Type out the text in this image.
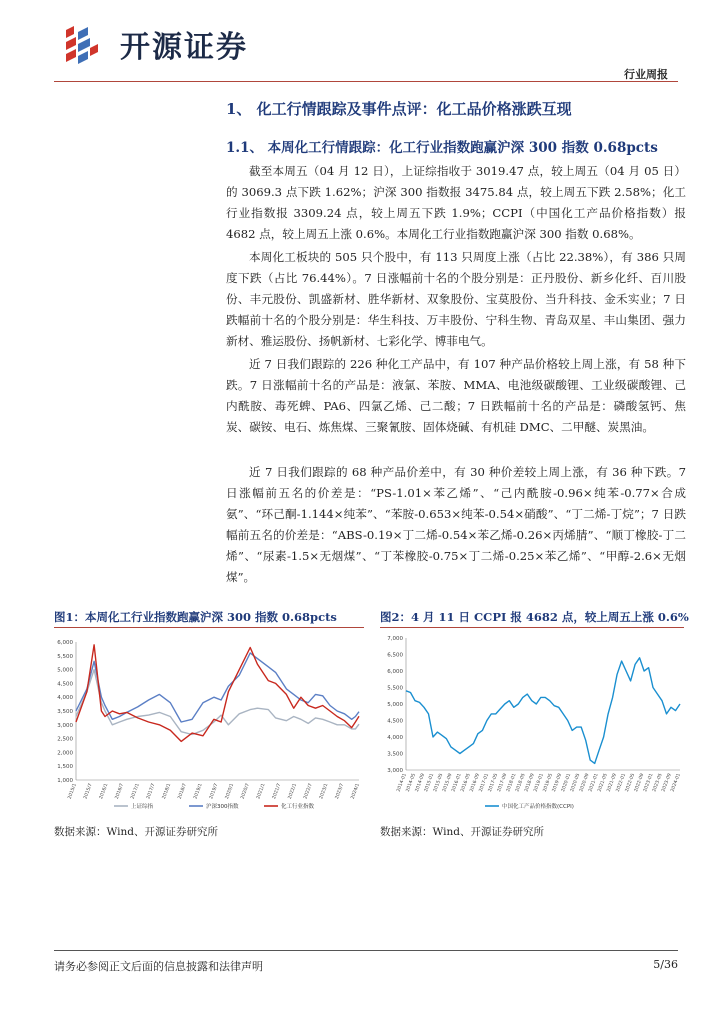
开源证券
行业周报
1、 化工行情跟踪及事件点评：化工品价格涨跌互现
1.1、 本周化工行情跟踪：化工行业指数跑赢沪深 300 指数 0.68pcts

截至本周五（04 月 12 日），上证综指收于 3019.47 点，较上周五（04 月 05 日）的 3069.3 点下跌 1.62%；沪深 300 指数报 3475.84 点，较上周五下跌 2.58%；化工行业指数报 3309.24 点，较上周五下跌 1.9%；CCPI（中国化工产品价格指数）报 4682 点，较上周五上涨 0.6%。本周化工行业指数跑赢沪深 300 指数 0.68%。

本周化工板块的 505 只个股中，有 113 只周度上涨（占比 22.38%），有 386 只周度下跌（占比 76.44%）。7 日涨幅前十名的个股分别是：正丹股份、新乡化纤、百川股份、丰元股份、凯盛新材、胜华新材、双象股份、宝莫股份、当升科技、金禾实业；7 日跌幅前十名的个股分别是：华生科技、万丰股份、宁科生物、青岛双星、丰山集团、强力新材、雅运股份、扬帆新材、七彩化学、博菲电气。

近 7 日我们跟踪的 226 种化工产品中，有 107 种产品价格较上周上涨，有 58 种下跌。7 日涨幅前十名的产品是：液氯、苯胺、MMA、电池级碳酸锂、工业级碳酸锂、己内酰胺、毒死蜱、PA6、四氯乙烯、己二酸；7 日跌幅前十名的产品是：磷酸氢钙、焦炭、碳铵、电石、炼焦煤、三聚氰胺、固体烧碱、有机硅 DMC、二甲醚、炭黑油。

近 7 日我们跟踪的 68 种产品价差中，有 30 种价差较上周上涨，有 36 种下跌。7 日涨幅前五名的价差是：“PS-1.01×苯乙烯”、“己内酰胺-0.96×纯苯-0.77×合成氨”、“环己酮-1.144×纯苯”、“苯胺-0.653×纯苯-0.54×硝酸”、“丁二烯-丁烷”；7 日跌幅前五名的价差是：“ABS-0.19×丁二烯-0.54×苯乙烯-0.26×丙烯腈”、“顺丁橡胶-丁二烯”、“尿素-1.5×无烟煤”、“丁苯橡胶-0.75×丁二烯-0.25×苯乙烯”、“甲醇-2.6×无烟煤”。

图1：本周化工行业指数跑赢沪深 300 指数 0.68pcts	图2：4 月 11 日 CCPI 报 4682 点，较上周五上涨 0.6%
1,000
1,500
2,000
2,500
3,000
3,500
4,000
4,500
5,000
5,500
6,000
2015/1 2015/7 2016/1 2016/7 2017/1 2017/7 2018/1 2018/7 2019/1 2019/7 2020/1 2020/7 2021/1 2021/7 2022/1 2022/7 2023/1 2023/7 2024/1
上证综指	沪深300指数	化工行业指数
3,000
3,500
4,000
4,500
5,000
5,500
6,000
6,500
7,000
2014-01
2014-05
2014-09
2015-01
2015-05
2015-09
2016-01
2016-05
2016-09
2017-01
2017-05
2017-09
2018-01
2018-05
2018-09
2019-01
2019-05
2019-09
2020-01
2020-05
2020-09
2021-01
2021-05
2021-09
2022-01
2022-05
2022-09
2023-01
2023-05
2023-09
2024-01
中国化工产品价格指数(CCPI)
数据来源：Wind、开源证券研究所	数据来源：Wind、开源证券研究所
请务必参阅正文后面的信息披露和法律声明	5/36
